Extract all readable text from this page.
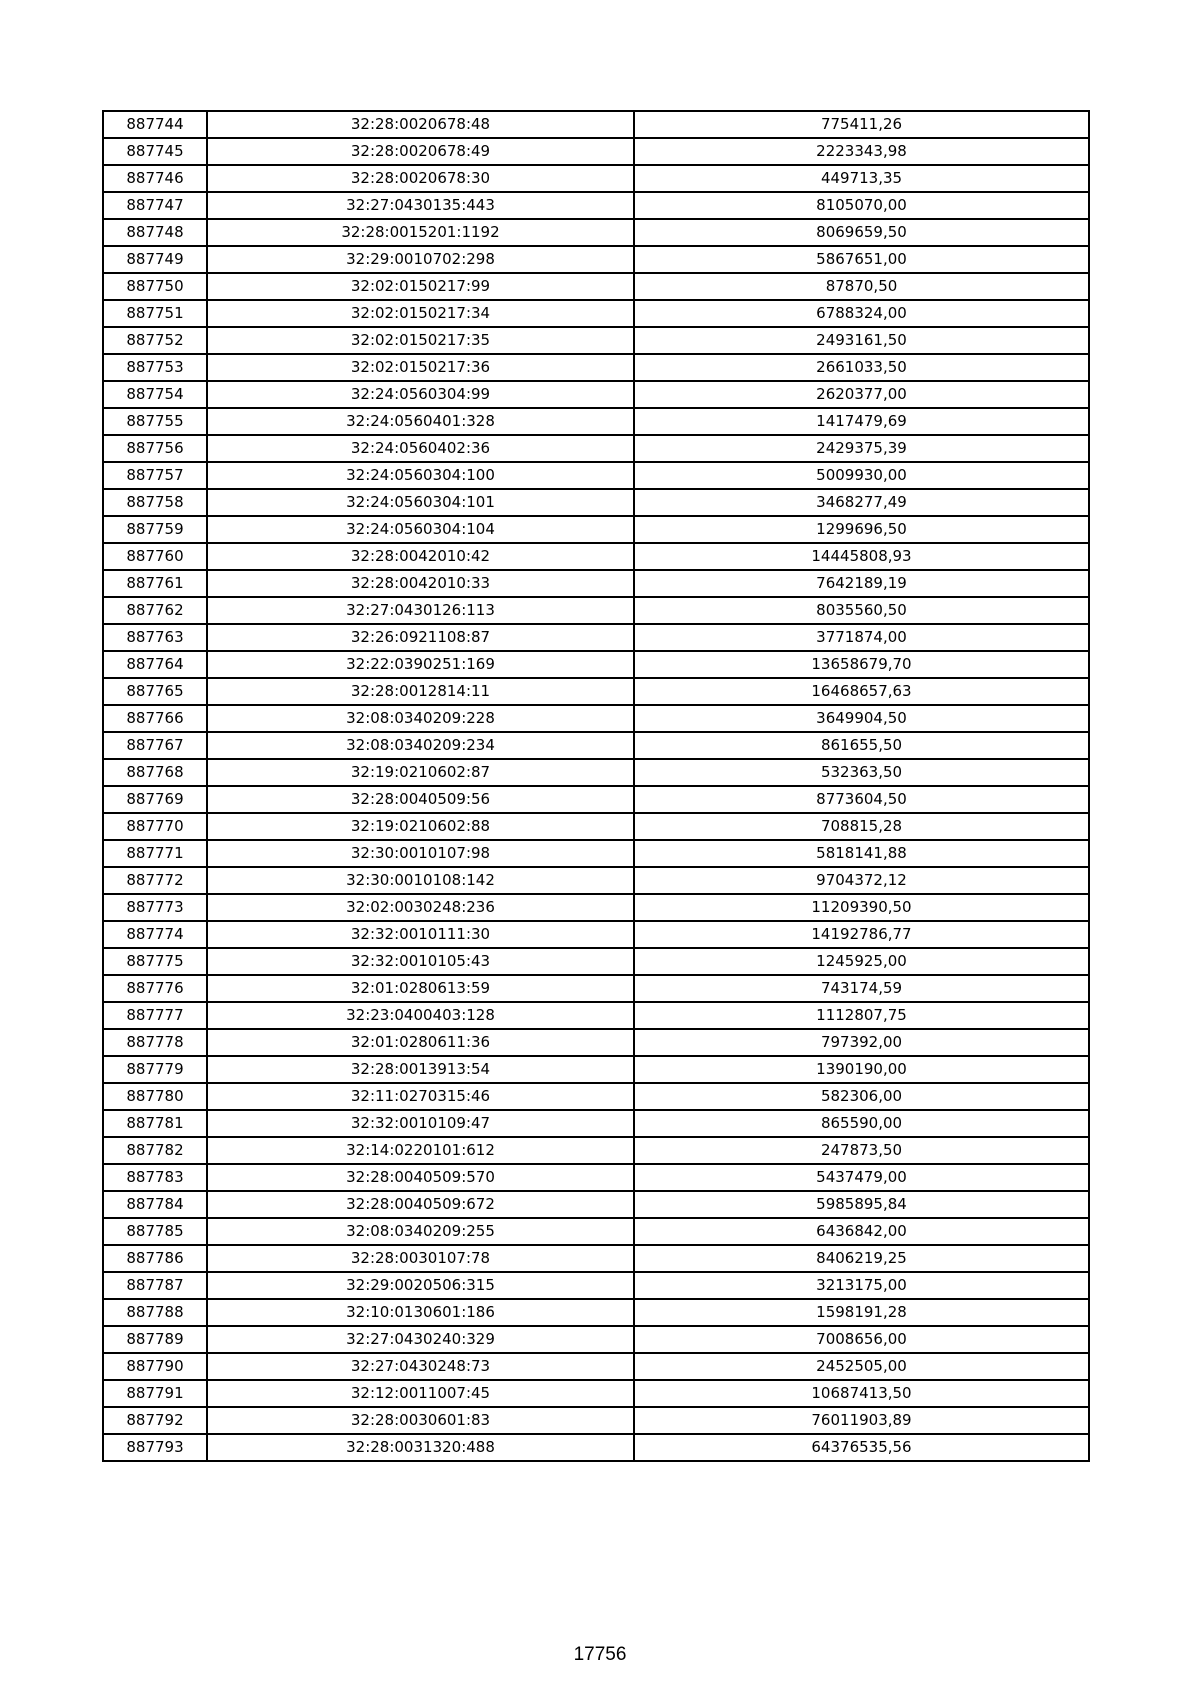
887744	32:28:0020678:48	775411,26
887745	32:28:0020678:49	2223343,98
887746	32:28:0020678:30	449713,35
887747	32:27:0430135:443	8105070,00
887748	32:28:0015201:1192	8069659,50
887749	32:29:0010702:298	5867651,00
887750	32:02:0150217:99	87870,50
887751	32:02:0150217:34	6788324,00
887752	32:02:0150217:35	2493161,50
887753	32:02:0150217:36	2661033,50
887754	32:24:0560304:99	2620377,00
887755	32:24:0560401:328	1417479,69
887756	32:24:0560402:36	2429375,39
887757	32:24:0560304:100	5009930,00
887758	32:24:0560304:101	3468277,49
887759	32:24:0560304:104	1299696,50
887760	32:28:0042010:42	14445808,93
887761	32:28:0042010:33	7642189,19
887762	32:27:0430126:113	8035560,50
887763	32:26:0921108:87	3771874,00
887764	32:22:0390251:169	13658679,70
887765	32:28:0012814:11	16468657,63
887766	32:08:0340209:228	3649904,50
887767	32:08:0340209:234	861655,50
887768	32:19:0210602:87	532363,50
887769	32:28:0040509:56	8773604,50
887770	32:19:0210602:88	708815,28
887771	32:30:0010107:98	5818141,88
887772	32:30:0010108:142	9704372,12
887773	32:02:0030248:236	11209390,50
887774	32:32:0010111:30	14192786,77
887775	32:32:0010105:43	1245925,00
887776	32:01:0280613:59	743174,59
887777	32:23:0400403:128	1112807,75
887778	32:01:0280611:36	797392,00
887779	32:28:0013913:54	1390190,00
887780	32:11:0270315:46	582306,00
887781	32:32:0010109:47	865590,00
887782	32:14:0220101:612	247873,50
887783	32:28:0040509:570	5437479,00
887784	32:28:0040509:672	5985895,84
887785	32:08:0340209:255	6436842,00
887786	32:28:0030107:78	8406219,25
887787	32:29:0020506:315	3213175,00
887788	32:10:0130601:186	1598191,28
887789	32:27:0430240:329	7008656,00
887790	32:27:0430248:73	2452505,00
887791	32:12:0011007:45	10687413,50
887792	32:28:0030601:83	76011903,89
887793	32:28:0031320:488	64376535,56
17756
